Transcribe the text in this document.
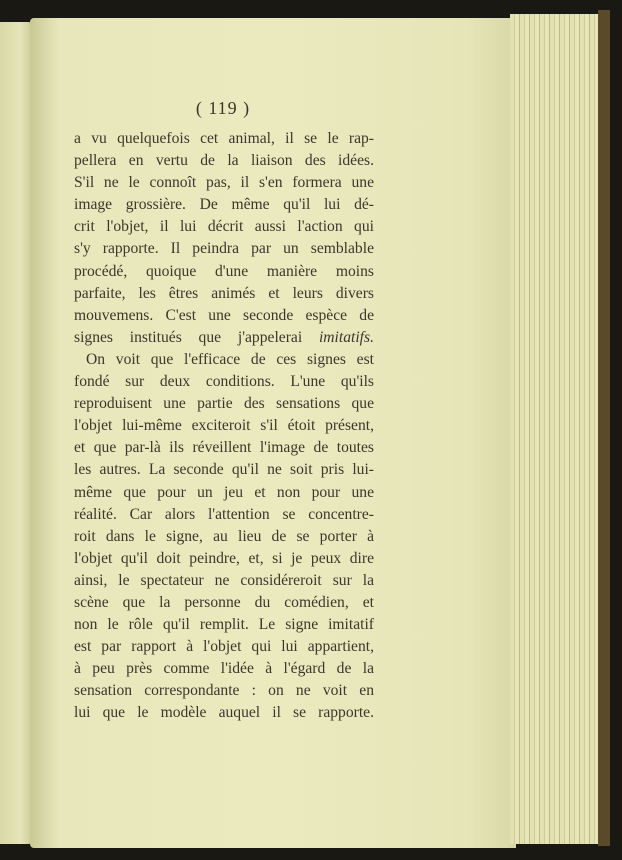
( 119 )
a vu quelquefois cet animal, il se le rap-
pellera en vertu de la liaison des idées.
S'il ne le connoît pas, il s'en formera une
image grossière. De même qu'il lui dé-
crit l'objet, il lui décrit aussi l'action qui
s'y rapporte. Il peindra par un semblable
procédé, quoique d'une manière moins
parfaite, les êtres animés et leurs divers
mouvemens. C'est une seconde espèce de
signes institués que j'appelerai imitatifs.
On voit que l'efficace de ces signes est
fondé sur deux conditions. L'une qu'ils
reproduisent une partie des sensations que
l'objet lui-même exciteroit s'il étoit présent,
et que par-là ils réveillent l'image de toutes
les autres. La seconde qu'il ne soit pris lui-
même que pour un jeu et non pour une
réalité. Car alors l'attention se concentre-
roit dans le signe, au lieu de se porter à
l'objet qu'il doit peindre, et, si je peux dire
ainsi, le spectateur ne considéreroit sur la
scène que la personne du comédien, et
non le rôle qu'il remplit. Le signe imitatif
est par rapport à l'objet qui lui appartient,
à peu près comme l'idée à l'égard de la
sensation correspondante : on ne voit en
lui que le modèle auquel il se rapporte.
